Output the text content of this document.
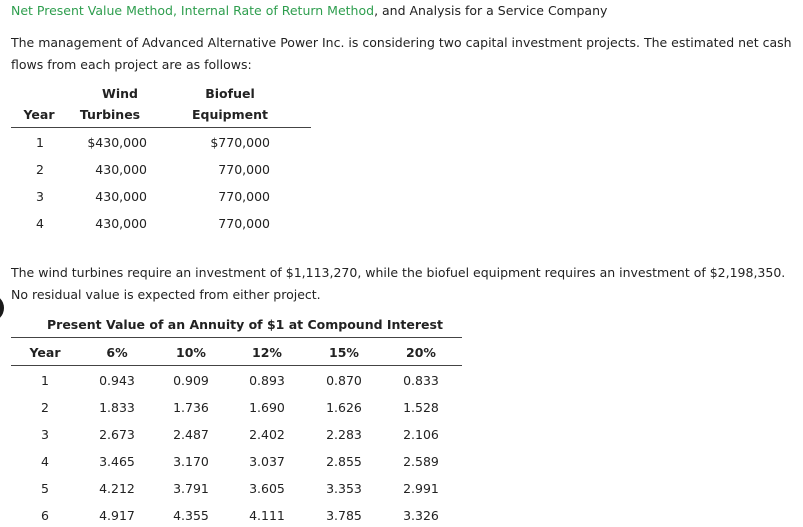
Net Present Value Method, Internal Rate of Return Method, and Analysis for a Service Company
The management of Advanced Alternative Power Inc. is considering two capital investment projects. The estimated net cash flows from each project are as follows:
Wind	Biofuel
Year	Turbines	Equipment
1	$430,000	$770,000
2	430,000	770,000
3	430,000	770,000
4	430,000	770,000
The wind turbines require an investment of $1,113,270, while the biofuel equipment requires an investment of $2,198,350. No residual value is expected from either project.
Present Value of an Annuity of $1 at Compound Interest
Year	6%	10%	12%	15%	20%
1	0.943	0.909	0.893	0.870	0.833
2	1.833	1.736	1.690	1.626	1.528
3	2.673	2.487	2.402	2.283	2.106
4	3.465	3.170	3.037	2.855	2.589
5	4.212	3.791	3.605	3.353	2.991
6	4.917	4.355	4.111	3.785	3.326
